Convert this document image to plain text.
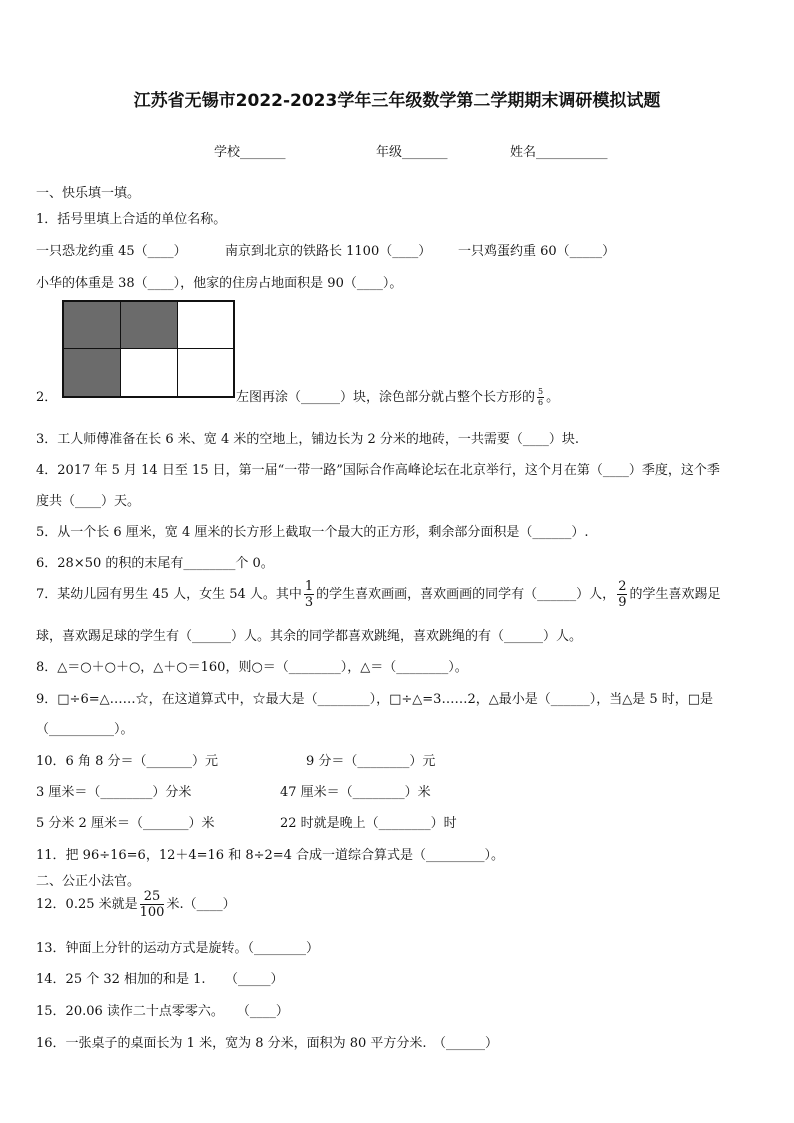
江苏省无锡市2022-2023学年三年级数学第二学期期末调研模拟试题
学校_______	年级_______	姓名___________
一、快乐填一填。
1．括号里填上合适的单位名称。
一只恐龙约重 45（____）	南京到北京的铁路长 1100（____） 一只鸡蛋约重 60（_____）
小华的体重是 38（____），他家的住房占地面积是 90（____）。
2．	左图再涂（______）块，涂色部分就占整个长方形的 $\frac{5}{6}$ 。
3．工人师傅准备在长 6 米、宽 4 米的空地上，铺边长为 2 分米的地砖，一共需要（____）块.
4．2017 年 5 月 14 日至 15 日，第一届“一带一路”国际合作高峰论坛在北京举行，这个月在第（____）季度，这个季
度共（____）天。
5．从一个长 6 厘米，宽 4 厘米的长方形上截取一个最大的正方形，剩余部分面积是（______）.
6．28×50 的积的末尾有________个 0。
7．某幼儿园有男生 45 人，女生 54 人。其中 $\frac{1}{3}$ 的学生喜欢画画，喜欢画画的同学有（______）人， $\frac{2}{9}$ 的学生喜欢踢足
球，喜欢踢足球的学生有（______）人。其余的同学都喜欢跳绳，喜欢跳绳的有（______）人。
8．△＝○＋○＋○，△＋○＝160，则○＝（________），△＝（________）。
9．□÷6=△……☆，在这道算式中，☆最大是（________），□÷△=3……2，△最小是（______），当△是 5 时，□是
（__________）。
10．6 角 8 分＝（_______）元	9 分＝（________）元
3 厘米＝（________）分米	47 厘米＝（________）米
5 分米 2 厘米＝（_______）米	22 时就是晚上（________）时
11．把 96÷16=6，12＋4=16 和 8÷2=4 合成一道综合算式是（_________）。
二、公正小法官。
12．0.25 米就是 $\frac{25}{100}$ 米.（____）
13．钟面上分针的运动方式是旋转。（________）
14．25 个 32 相加的和是 1.　　（_____）
15．20.06 读作二十点零零六。　　（____）
16．一张桌子的桌面长为 1 米，宽为 8 分米，面积为 80 平方分米.　（______）
